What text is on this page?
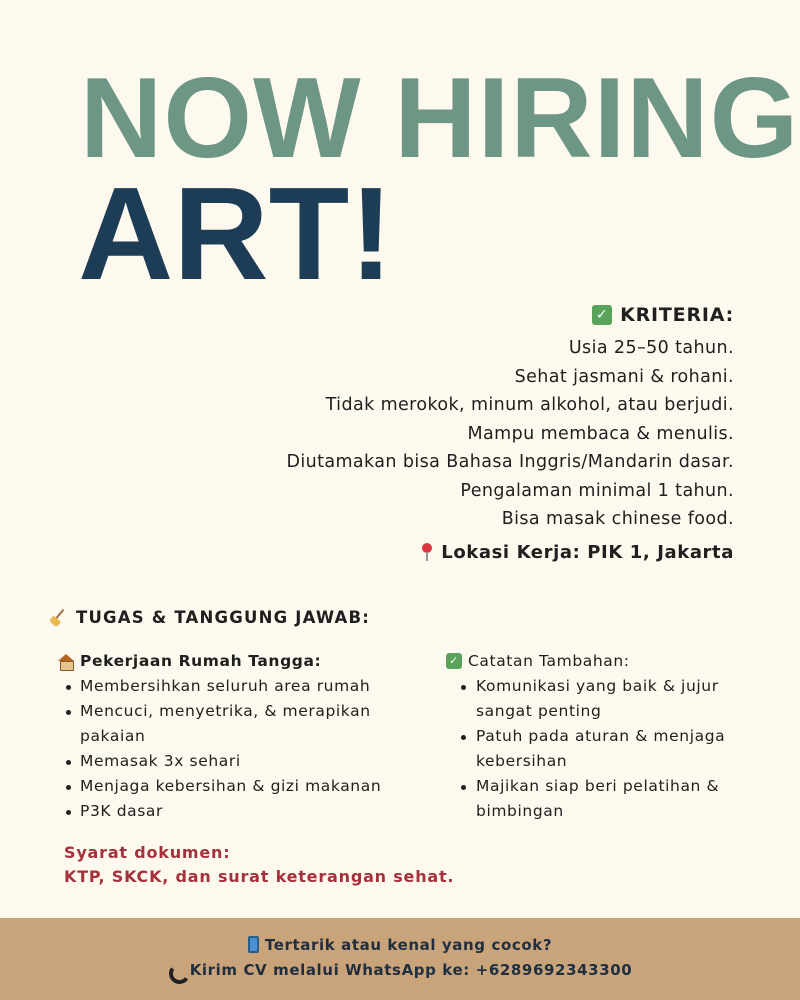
NOW HIRING
ART!
✓ KRITERIA:
Usia 25–50 tahun.
Sehat jasmani & rohani.
Tidak merokok, minum alkohol, atau berjudi.
Mampu membaca & menulis.
Diutamakan bisa Bahasa Inggris/Mandarin dasar.
Pengalaman minimal 1 tahun.
Bisa masak chinese food.
Lokasi Kerja: PIK 1, Jakarta
TUGAS & TANGGUNG JAWAB:
Pekerjaan Rumah Tangga:
Membersihkan seluruh area rumah
Mencuci, menyetrika, & merapikan pakaian
Memasak 3x sehari
Menjaga kebersihan & gizi makanan
P3K dasar
✓ Catatan Tambahan:
Komunikasi yang baik & jujur sangat penting
Patuh pada aturan & menjaga kebersihan
Majikan siap beri pelatihan & bimbingan
Syarat dokumen:
KTP, SKCK, dan surat keterangan sehat.
Tertarik atau kenal yang cocok?
Kirim CV melalui WhatsApp ke: +6289692343300
